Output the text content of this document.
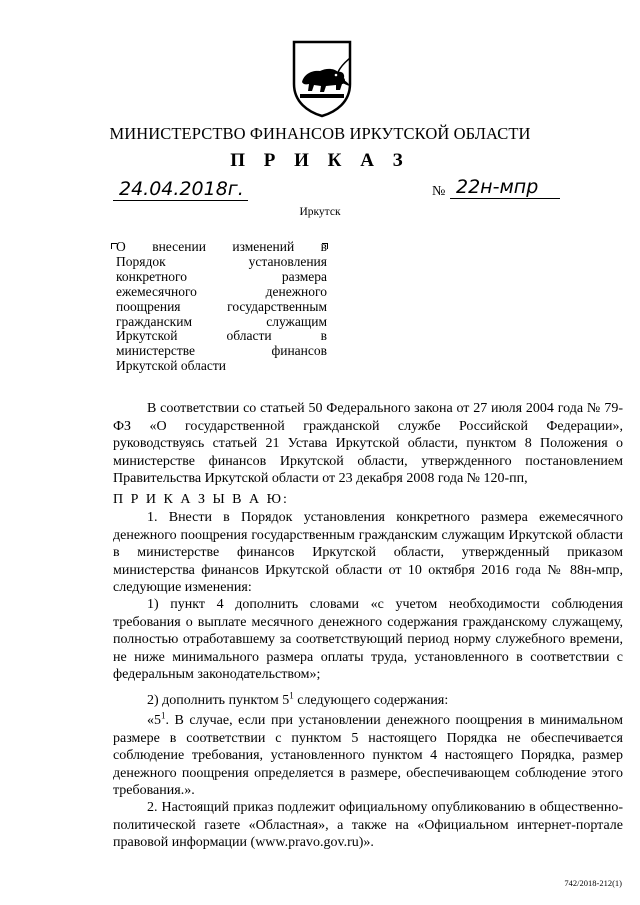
МИНИСТЕРСТВО ФИНАНСОВ ИРКУТСКОЙ ОБЛАСТИ
П Р И К А З
24.04.2018г.	№ 22н-мпр
Иркутск
О внесении изменений в
Порядок установления
конкретного размера
ежемесячного денежного
поощрения государственным
гражданским служащим
Иркутской области в
министерстве финансов
Иркутской области
В соответствии со статьей 50 Федерального закона от 27 июля 2004 года № 79-ФЗ «О государственной гражданской службе Российской Федерации», руководствуясь статьей 21 Устава Иркутской области, пунктом 8 Положения о министерстве финансов Иркутской области, утвержденного постановлением Правительства Иркутской области от 23 декабря 2008 года № 120-пп,
П Р И К А З Ы В А Ю:
1. Внести в Порядок установления конкретного размера ежемесячного денежного поощрения государственным гражданским служащим Иркутской области в министерстве финансов Иркутской области, утвержденный приказом министерства финансов Иркутской области от 10 октября 2016 года № 88н-мпр, следующие изменения:
1) пункт 4 дополнить словами «с учетом необходимости соблюдения требования о выплате месячного денежного содержания гражданскому служащему, полностью отработавшему за соответствующий период норму служебного времени, не ниже минимального размера оплаты труда, установленного в соответствии с федеральным законодательством»;
2) дополнить пунктом $5^1$ следующего содержания:
«$5^1$. В случае, если при установлении денежного поощрения в минимальном размере в соответствии с пунктом 5 настоящего Порядка не обеспечивается соблюдение требования, установленного пунктом 4 настоящего Порядка, размер денежного поощрения определяется в размере, обеспечивающем соблюдение этого требования.».
2. Настоящий приказ подлежит официальному опубликованию в общественно-политической газете «Областная», а также на «Официальном интернет-портале правовой информации (www.pravo.gov.ru)».
742/2018-212(1)
